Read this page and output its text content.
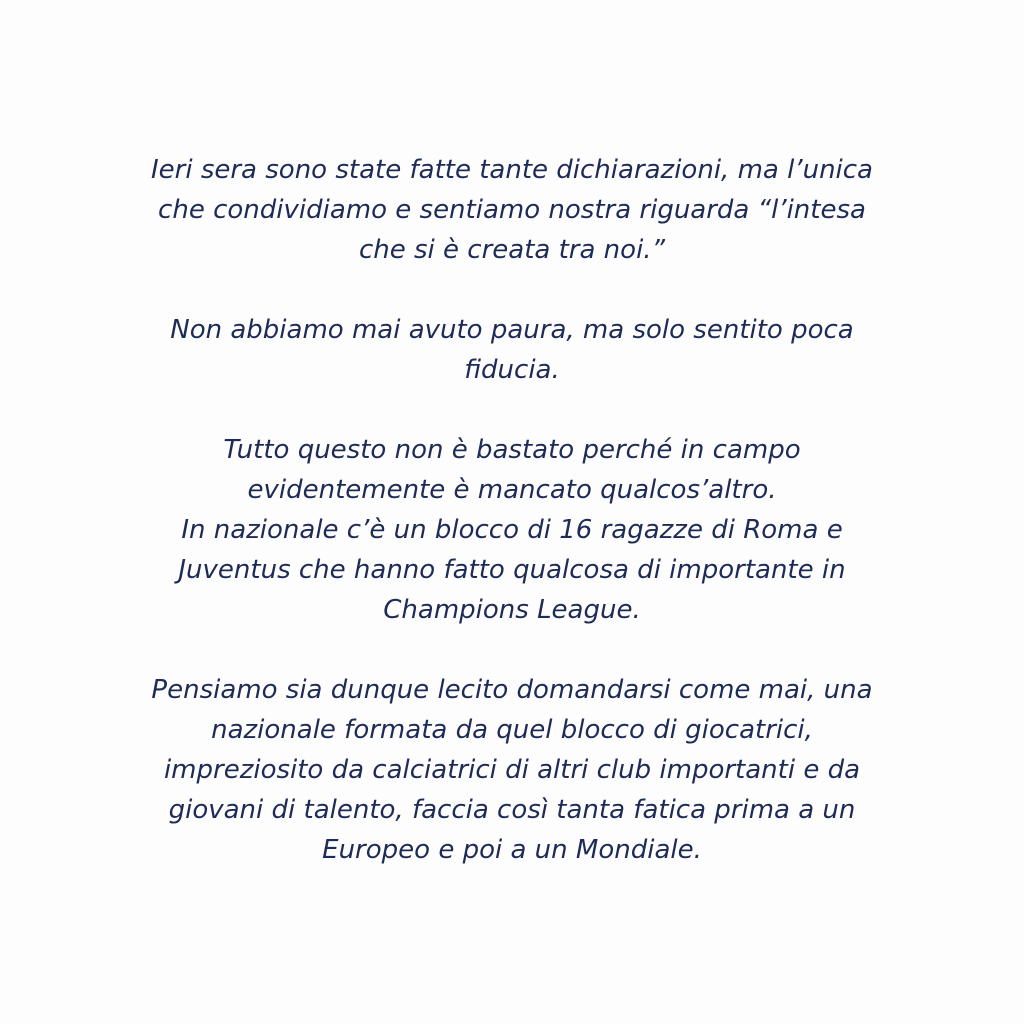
Ieri sera sono state fatte tante dichiarazioni, ma l’unica
che condividiamo e sentiamo nostra riguarda “l’intesa
che si è creata tra noi.”

Non abbiamo mai avuto paura, ma solo sentito poca
fiducia.

Tutto questo non è bastato perché in campo
evidentemente è mancato qualcos’altro.
In nazionale c’è un blocco di 16 ragazze di Roma e
Juventus che hanno fatto qualcosa di importante in
Champions League.

Pensiamo sia dunque lecito domandarsi come mai, una
nazionale formata da quel blocco di giocatrici,
impreziosito da calciatrici di altri club importanti e da
giovani di talento, faccia così tanta fatica prima a un
Europeo e poi a un Mondiale.
